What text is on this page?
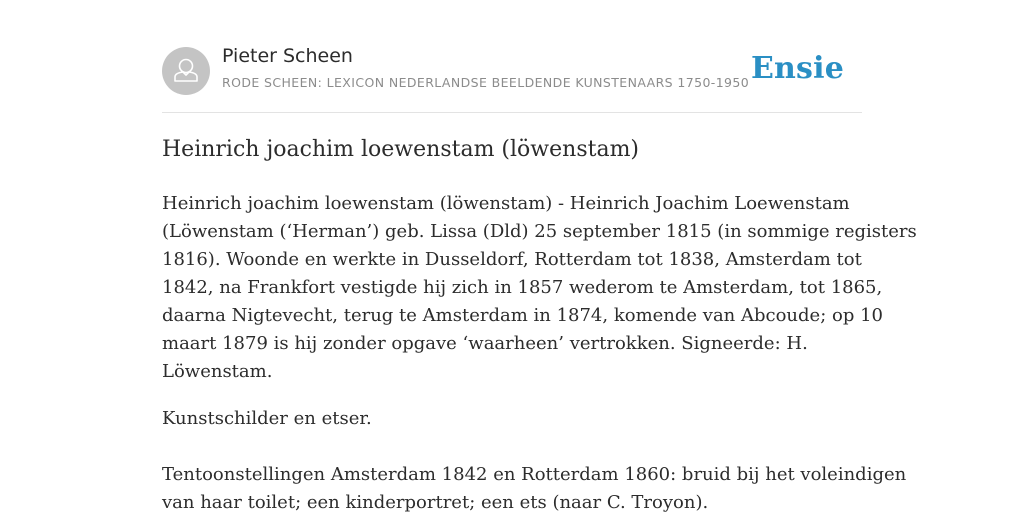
Pieter Scheen
RODE SCHEEN: LEXICON NEDERLANDSE BEELDENDE KUNSTENAARS 1750-1950 Ensie
Heinrich joachim loewenstam (löwenstam)

Heinrich joachim loewenstam (löwenstam) - Heinrich Joachim Loewenstam
(Löwenstam (‘Herman’) geb. Lissa (Dld) 25 september 1815 (in sommige registers
1816). Woonde en werkte in Dusseldorf, Rotterdam tot 1838, Amsterdam tot
1842, na Frankfort vestigde hij zich in 1857 wederom te Amsterdam, tot 1865,
daarna Nigtevecht, terug te Amsterdam in 1874, komende van Abcoude; op 10
maart 1879 is hij zonder opgave ‘waarheen’ vertrokken. Signeerde: H.
Löwenstam.

Kunstschilder en etser.

Tentoonstellingen Amsterdam 1842 en Rotterdam 1860: bruid bij het voleindigen
van haar toilet; een kinderportret; een ets (naar C. Troyon).
